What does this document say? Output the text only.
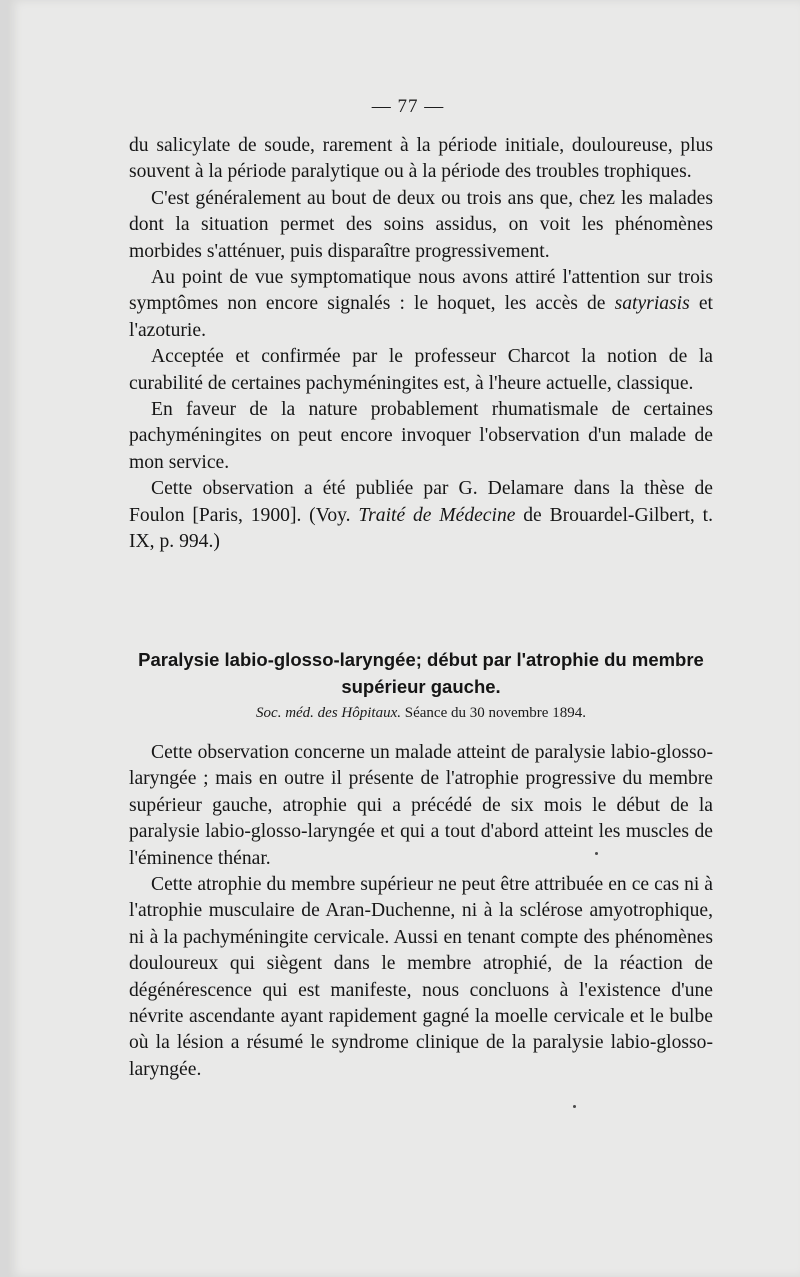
— 77 —

du salicylate de soude, rarement à la période initiale, douloureuse, plus souvent à la période paralytique ou à la période des troubles trophiques.

C'est généralement au bout de deux ou trois ans que, chez les malades dont la situation permet des soins assidus, on voit les phénomènes morbides s'atténuer, puis disparaître progressivement.

Au point de vue symptomatique nous avons attiré l'attention sur trois symptômes non encore signalés : le hoquet, les accès de satyriasis et l'azoturie.

Acceptée et confirmée par le professeur Charcot la notion de la curabilité de certaines pachyméningites est, à l'heure actuelle, classique.

En faveur de la nature probablement rhumatismale de certaines pachyméningites on peut encore invoquer l'observation d'un malade de mon service.

Cette observation a été publiée par G. Delamare dans la thèse de Foulon [Paris, 1900]. (Voy. Traité de Médecine de Brouardel-Gilbert, t. IX, p. 994.)

Paralysie labio-glosso-laryngée; début par l'atrophie du membre supérieur gauche.
Soc. méd. des Hôpitaux. Séance du 30 novembre 1894.

Cette observation concerne un malade atteint de paralysie labio-glosso-laryngée ; mais en outre il présente de l'atrophie progressive du membre supérieur gauche, atrophie qui a précédé de six mois le début de la paralysie labio-glosso-laryngée et qui a tout d'abord atteint les muscles de l'éminence thénar.

Cette atrophie du membre supérieur ne peut être attribuée en ce cas ni à l'atrophie musculaire de Aran-Duchenne, ni à la sclérose amyotrophique, ni à la pachyméningite cervicale. Aussi en tenant compte des phénomènes douloureux qui siègent dans le membre atrophié, de la réaction de dégénérescence qui est manifeste, nous concluons à l'existence d'une névrite ascendante ayant rapidement gagné la moelle cervicale et le bulbe où la lésion a résumé le syndrome clinique de la paralysie labio-glosso-laryngée.
